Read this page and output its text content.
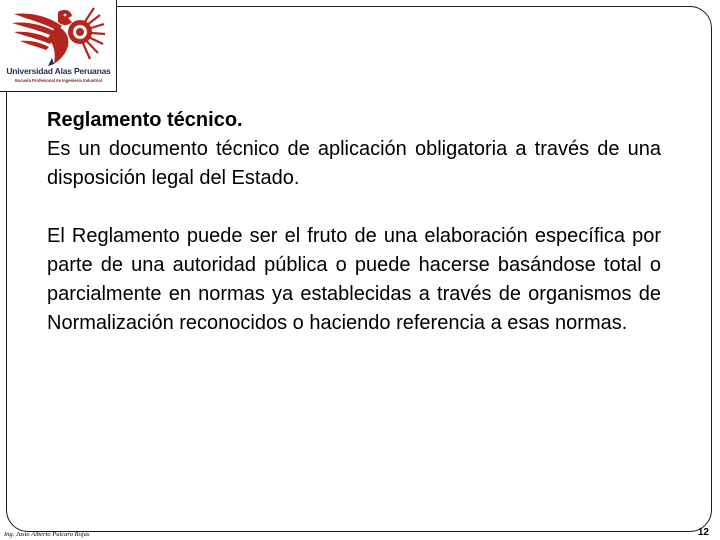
Universidad Alas Peruanas
Escuela Profesional de Ingeniería Industrial

Reglamento técnico.

Es un documento técnico de aplicación obligatoria a través de una disposición legal del Estado.

El Reglamento puede ser el fruto de una elaboración específica por parte de una autoridad pública o puede hacerse basándose total o parcialmente en normas ya establecidas a través de organismos de Normalización reconocidos o haciendo referencia a esas normas.

Ing. Justo Alberto Pulcaro Rojas	12
